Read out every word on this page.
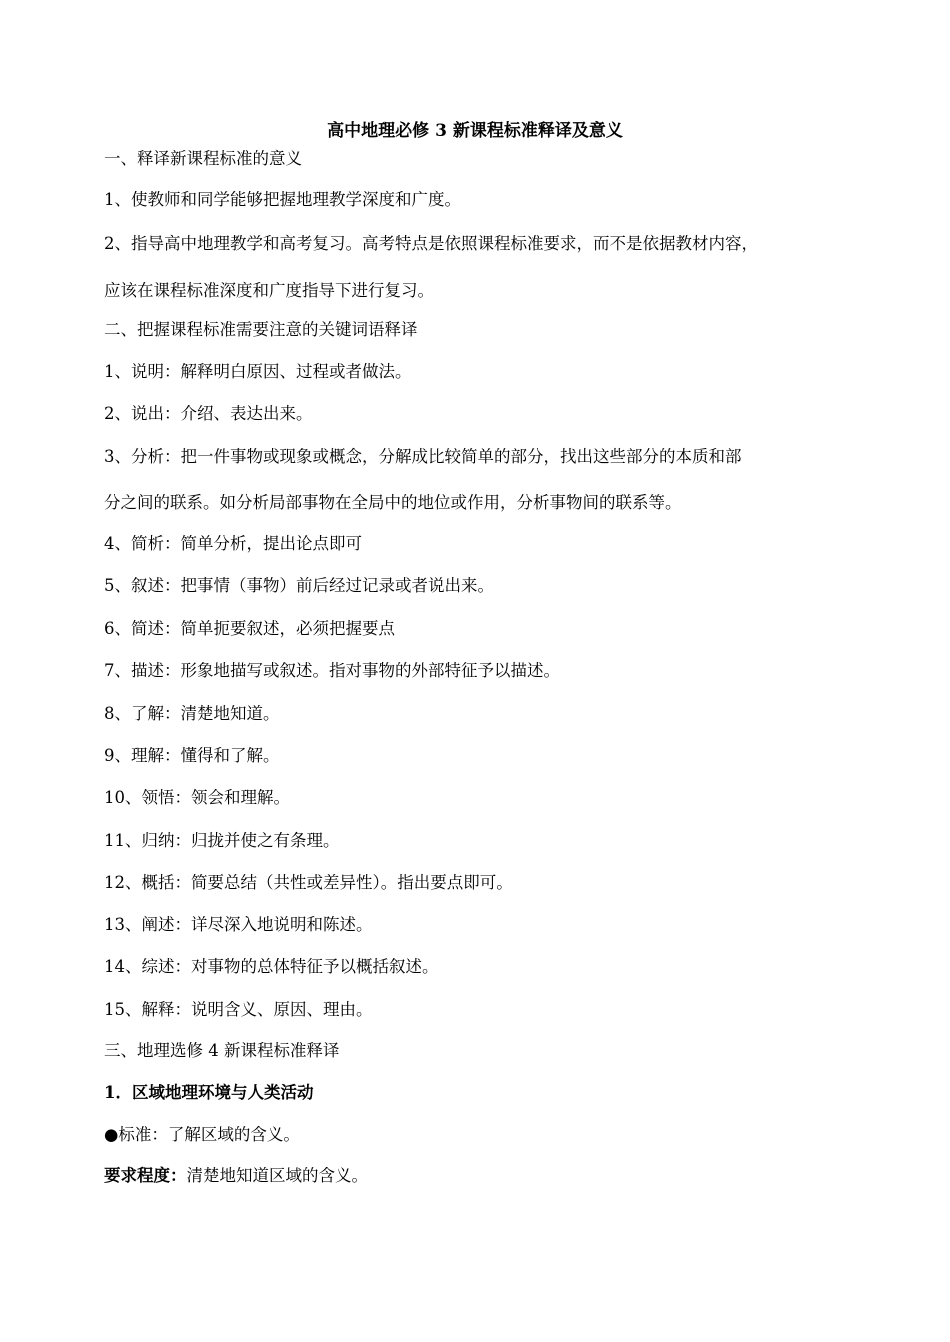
高中地理必修 3 新课程标准释译及意义
一、释译新课程标准的意义
1、使教师和同学能够把握地理教学深度和广度。
2、指导高中地理教学和高考复习。高考特点是依照课程标准要求，而不是依据教材内容，
应该在课程标准深度和广度指导下进行复习。
二、把握课程标准需要注意的关键词语释译
1、说明：解释明白原因、过程或者做法。
2、说出：介绍、表达出来。
3、分析：把一件事物或现象或概念，分解成比较简单的部分，找出这些部分的本质和部
分之间的联系。如分析局部事物在全局中的地位或作用，分析事物间的联系等。
4、简析：简单分析，提出论点即可
5、叙述：把事情（事物）前后经过记录或者说出来。
6、简述：简单扼要叙述，必须把握要点
7、描述：形象地描写或叙述。指对事物的外部特征予以描述。
8、了解：清楚地知道。
9、理解：懂得和了解。
10、领悟：领会和理解。
11、归纳：归拢并使之有条理。
12、概括：简要总结（共性或差异性）。指出要点即可。
13、阐述：详尽深入地说明和陈述。
14、综述：对事物的总体特征予以概括叙述。
15、解释：说明含义、原因、理由。
三、地理选修 4 新课程标准释译
1．区域地理环境与人类活动
●标准：了解区域的含义。
要求程度：清楚地知道区域的含义。
